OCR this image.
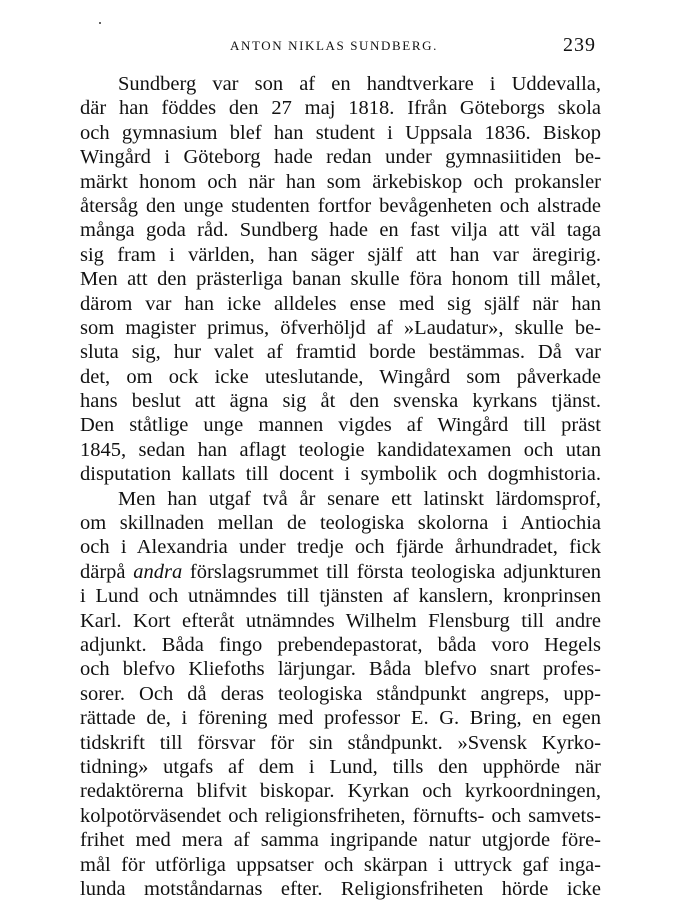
ANTON NIKLAS SUNDBERG.	239
Sundberg var son af en handtverkare i Uddevalla,
där han föddes den 27 maj 1818. Ifrån Göteborgs skola
och gymnasium blef han student i Uppsala 1836. Biskop
Wingård i Göteborg hade redan under gymnasiitiden be-
märkt honom och när han som ärkebiskop och prokansler
återsåg den unge studenten fortfor bevågenheten och alstrade
många goda råd. Sundberg hade en fast vilja att väl taga
sig fram i världen, han säger själf att han var äregirig.
Men att den prästerliga banan skulle föra honom till målet,
därom var han icke alldeles ense med sig själf när han
som magister primus, öfverhöljd af »Laudatur», skulle be-
sluta sig, hur valet af framtid borde bestämmas. Då var
det, om ock icke uteslutande, Wingård som påverkade
hans beslut att ägna sig åt den svenska kyrkans tjänst.
Den ståtlige unge mannen vigdes af Wingård till präst
1845, sedan han aflagt teologie kandidatexamen och utan
disputation kallats till docent i symbolik och dogmhistoria.
Men han utgaf två år senare ett latinskt lärdomsprof,
om skillnaden mellan de teologiska skolorna i Antiochia
och i Alexandria under tredje och fjärde århundradet, fick
därpå andra förslagsrummet till första teologiska adjunkturen
i Lund och utnämndes till tjänsten af kanslern, kronprinsen
Karl. Kort efteråt utnämndes Wilhelm Flensburg till andre
adjunkt. Båda fingo prebendepastorat, båda voro Hegels
och blefvo Kliefoths lärjungar. Båda blefvo snart profes-
sorer. Och då deras teologiska ståndpunkt angreps, upp-
rättade de, i förening med professor E. G. Bring, en egen
tidskrift till försvar för sin ståndpunkt. »Svensk Kyrko-
tidning» utgafs af dem i Lund, tills den upphörde när
redaktörerna blifvit biskopar. Kyrkan och kyrkoordningen,
kolpotörväsendet och religionsfriheten, förnufts- och samvets-
frihet med mera af samma ingripande natur utgjorde före-
mål för utförliga uppsatser och skärpan i uttryck gaf inga-
lunda motståndarnas efter. Religionsfriheten hörde icke
